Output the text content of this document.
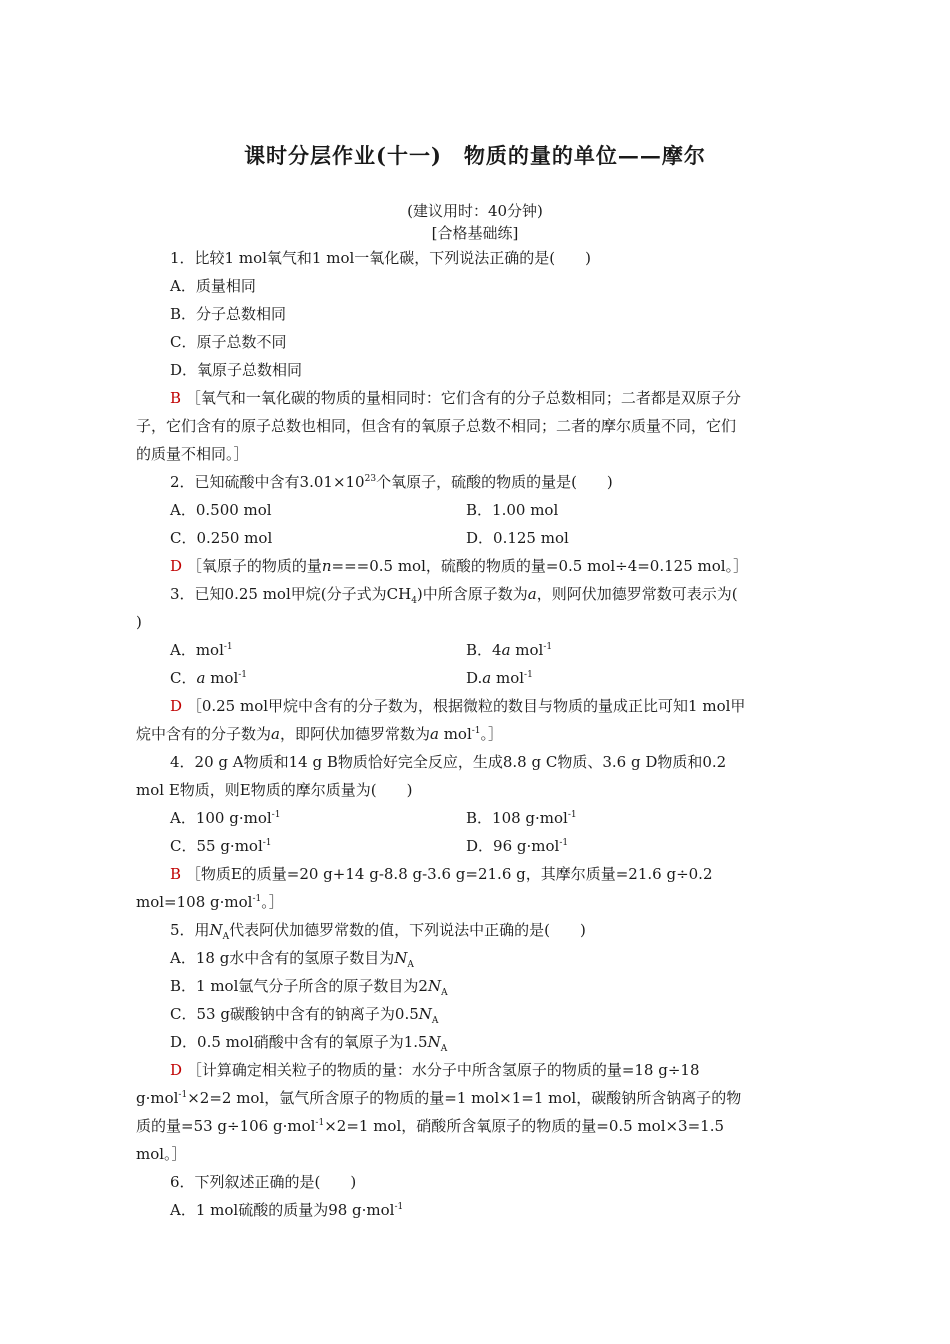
课时分层作业(十一)　物质的量的单位——摩尔
(建议用时：40分钟)
[合格基础练]
1．比较1 mol氧气和1 mol一氧化碳，下列说法正确的是(　　)
A．质量相同
B．分子总数相同
C．原子总数不同
D．氧原子总数相同
B ［氧气和一氧化碳的物质的量相同时：它们含有的分子总数相同；二者都是双原子分
子，它们含有的原子总数也相同，但含有的氧原子总数不相同；二者的摩尔质量不同，它们
的质量不相同。］
2．已知硫酸中含有$3.01\times 10^{23}$个氧原子，硫酸的物质的量是(　　)
A．0.500 mol	B．1.00 mol
C．0.250 mol	D．0.125 mol
D ［氧原子的物质的量n===0.5 mol，硫酸的物质的量=0.5 mol÷4=0.125 mol。］
3．已知0.25 mol甲烷(分子式为$CH_4$)中所含原子数为a，则阿伏加德罗常数可表示为(
)
A．mol$^{-1}$	B．4a mol$^{-1}$
C．a mol$^{-1}$	D.a mol$^{-1}$
D ［0.25 mol甲烷中含有的分子数为，根据微粒的数目与物质的量成正比可知1 mol甲
烷中含有的分子数为a，即阿伏加德罗常数为a mol$^{-1}$。］
4．20 g A物质和14 g B物质恰好完全反应，生成8.8 g C物质、3.6 g D物质和0.2
mol E物质，则E物质的摩尔质量为(　　)
A．100 g·mol$^{-1}$	B．108 g·mol$^{-1}$
C．55 g·mol$^{-1}$	D．96 g·mol$^{-1}$
B ［物质E的质量=20 g+14 g-8.8 g-3.6 g=21.6 g，其摩尔质量=21.6 g÷0.2
mol=108 g·mol$^{-1}$。］
5．用$N_A$代表阿伏加德罗常数的值，下列说法中正确的是(　　)
A．18 g水中含有的氢原子数目为$N_A$
B．1 mol氩气分子所含的原子数目为$2N_A$
C．53 g碳酸钠中含有的钠离子为$0.5N_A$
D．0.5 mol硝酸中含有的氧原子为$1.5N_A$
D ［计算确定相关粒子的物质的量：水分子中所含氢原子的物质的量=18 g÷18
g·mol$^{-1}$×2=2 mol，氩气所含原子的物质的量=1 mol×1=1 mol，碳酸钠所含钠离子的物
质的量=53 g÷106 g·mol$^{-1}$×2=1 mol，硝酸所含氧原子的物质的量=0.5 mol×3=1.5
mol。］
6．下列叙述正确的是(　　)
A．1 mol硫酸的质量为98 g·mol$^{-1}$
